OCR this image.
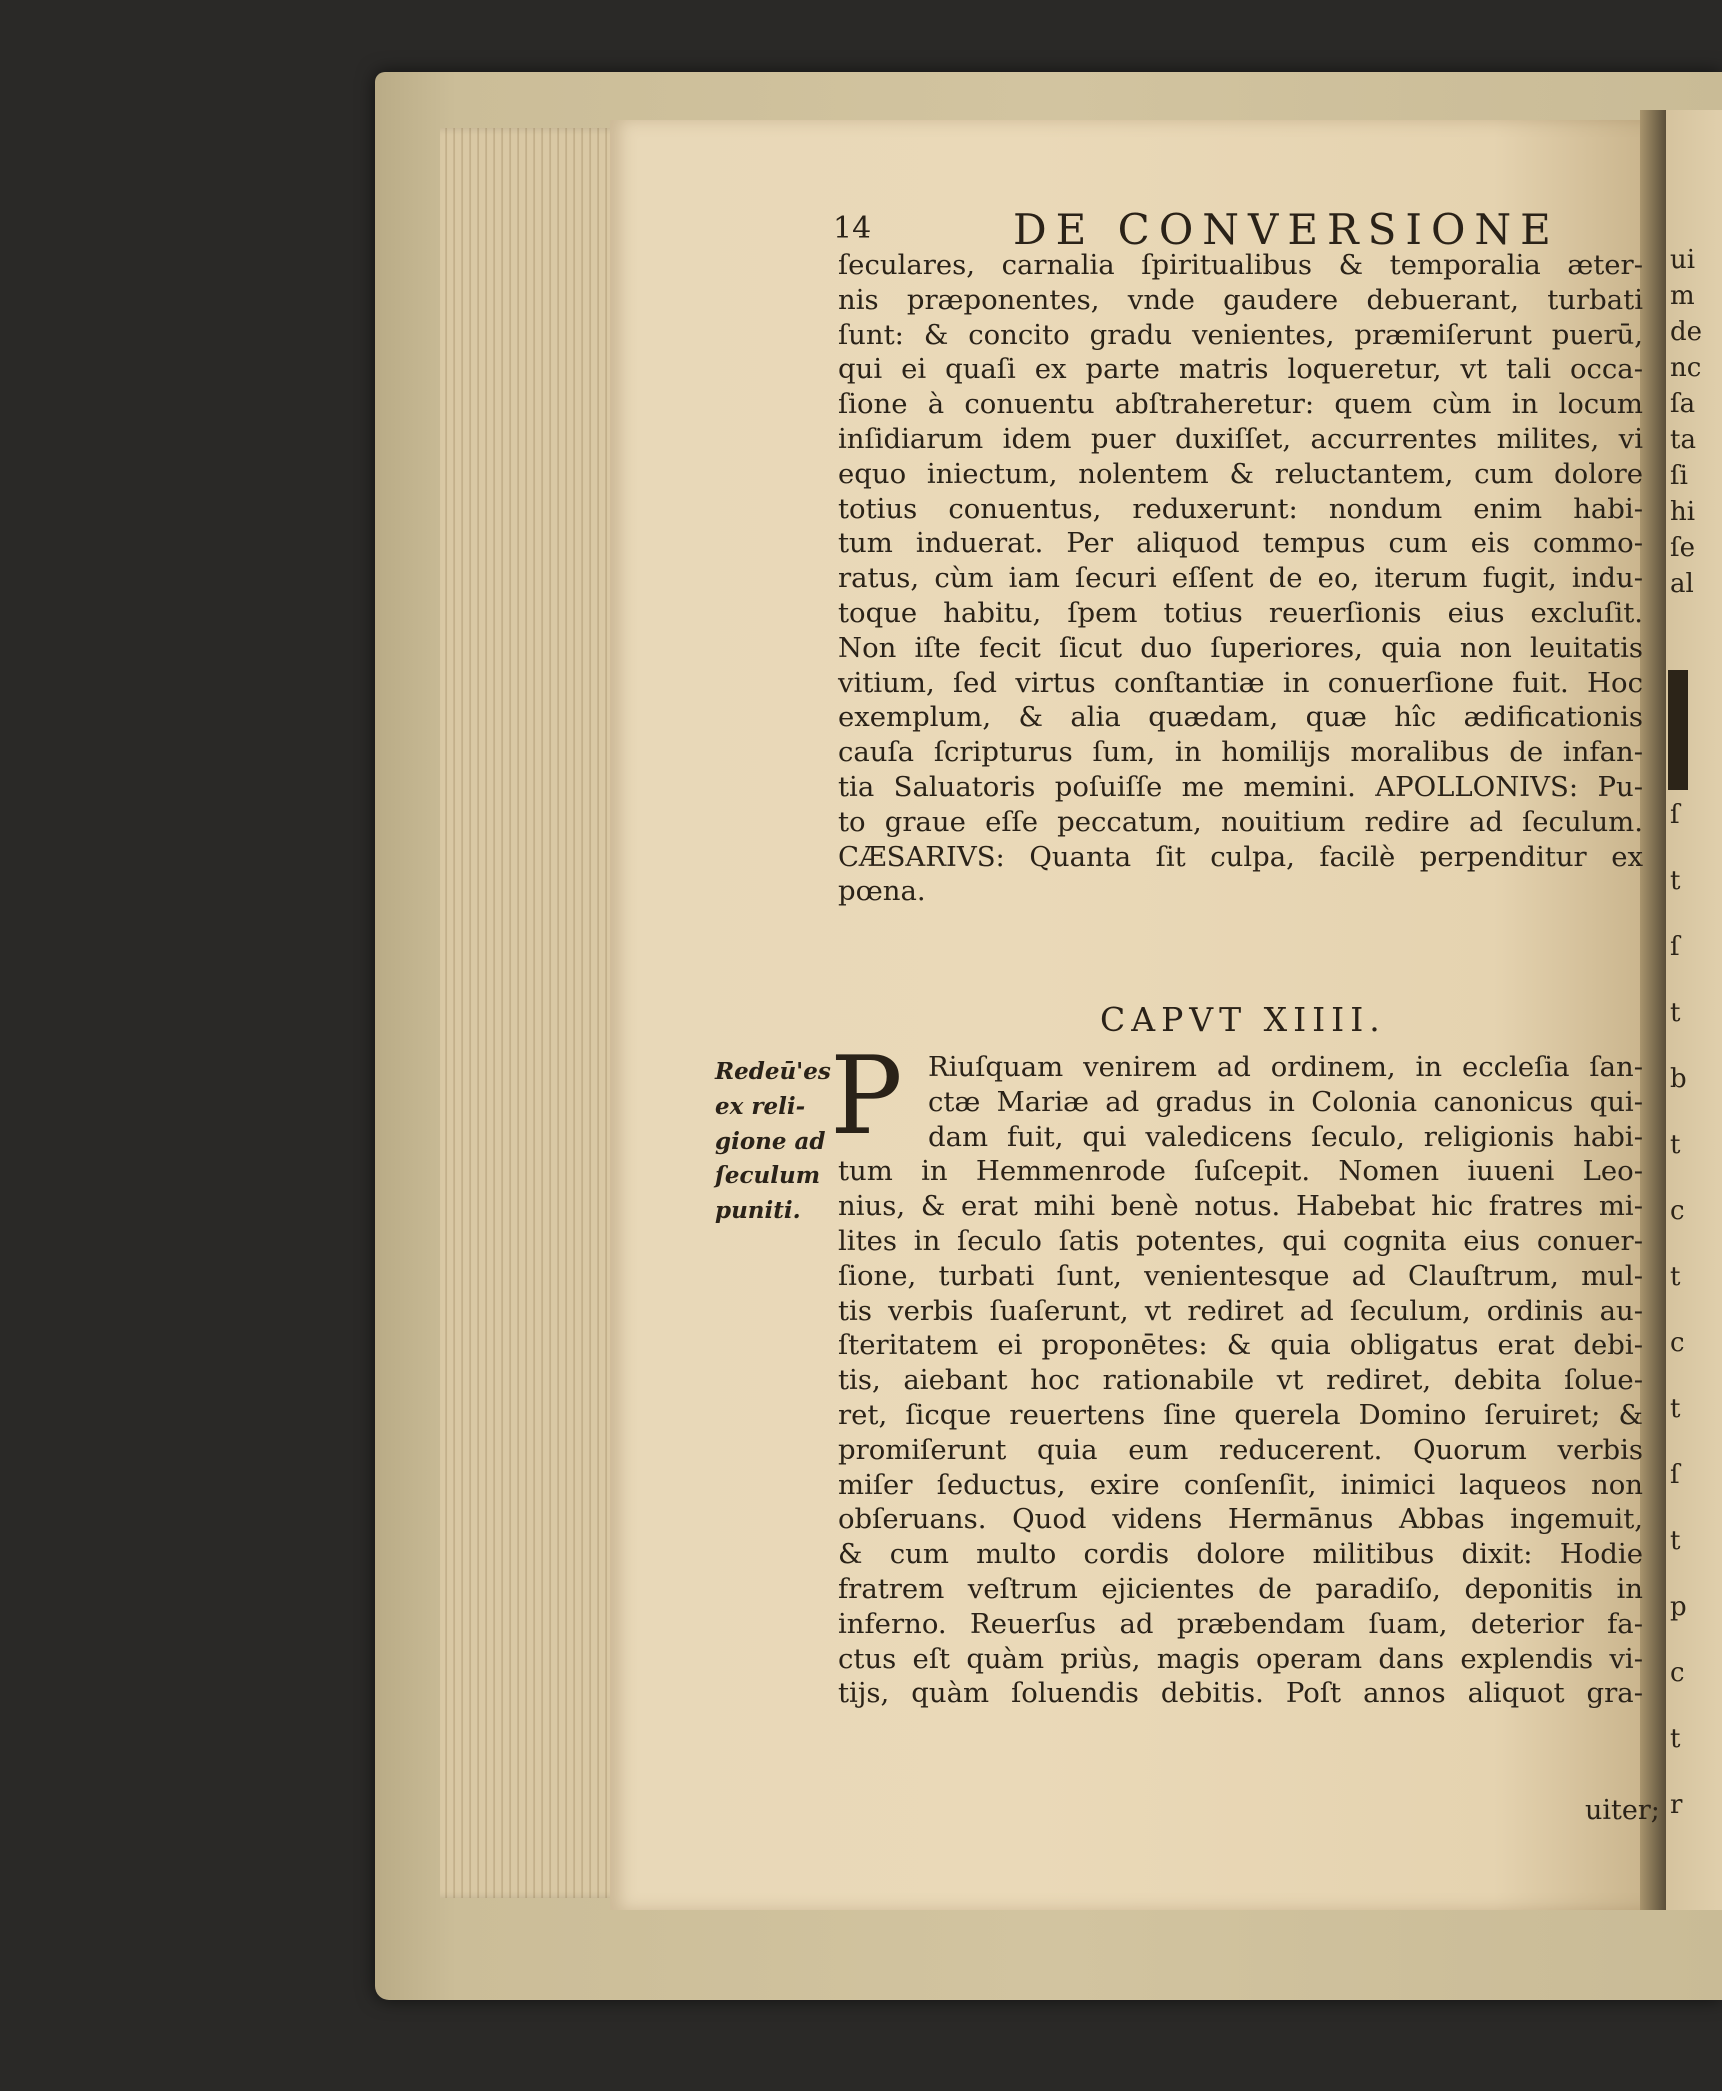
ui
m
de
nc
ſa
ta
ſi
hi
ſe
al
ſ
t
ſ
t
b
t
c
t
c
t
ſ
t
p
c
t
r
14	DE CONVERSIONE
ſeculares, carnalia ſpiritualibus & temporalia æter-
nis præponentes, vnde gaudere debuerant, turbati
ſunt: & concito gradu venientes, præmiſerunt puerū,
qui ei quaſi ex parte matris loqueretur, vt tali occa-
ſione à conuentu abſtraheretur: quem cùm in locum
inſidiarum idem puer duxiſſet, accurrentes milites, vi
equo iniectum, nolentem & reluctantem, cum dolore
totius conuentus, reduxerunt: nondum enim habi-
tum induerat. Per aliquod tempus cum eis commo-
ratus, cùm iam ſecuri eſſent de eo, iterum fugit, indu-
toque habitu, ſpem totius reuerſionis eius excluſit.
Non iſte fecit ſicut duo ſuperiores, quia non leuitatis
vitium, ſed virtus conſtantiæ in conuerſione fuit. Hoc
exemplum, & alia quædam, quæ hîc ædificationis
cauſa ſcripturus ſum, in homilijs moralibus de infan-
tia Saluatoris poſuiſſe me memini. APOLLONIVS: Pu-
to graue eſſe peccatum, nouitium redire ad ſeculum.
CÆSARIVS: Quanta ſit culpa, facilè perpenditur ex
pœna.
CAPVT XIIII.
P
Redeū'es
ex reli-
gione ad
ſeculum
puniti.
Riuſquam venirem ad ordinem, in eccleſia ſan-
ctæ Mariæ ad gradus in Colonia canonicus qui-
dam fuit, qui valedicens ſeculo, religionis habi-
tum in Hemmenrode ſuſcepit. Nomen iuueni Leo-
nius, & erat mihi benè notus. Habebat hic fratres mi-
lites in ſeculo ſatis potentes, qui cognita eius conuer-
ſione, turbati ſunt, venientesque ad Clauſtrum, mul-
tis verbis ſuaſerunt, vt rediret ad ſeculum, ordinis au-
ſteritatem ei proponētes: & quia obligatus erat debi-
tis, aiebant hoc rationabile vt rediret, debita ſolue-
ret, ſicque reuertens ſine querela Domino ſeruiret; &
promiſerunt quia eum reducerent. Quorum verbis
miſer ſeductus, exire conſenſit, inimici laqueos non
obſeruans. Quod videns Hermānus Abbas ingemuit,
& cum multo cordis dolore militibus dixit: Hodie
fratrem veſtrum ejicientes de paradiſo, deponitis in
inferno. Reuerſus ad præbendam ſuam, deterior fa-
ctus eſt quàm priùs, magis operam dans explendis vi-
tijs, quàm ſoluendis debitis. Poſt annos aliquot gra-
uiter;
